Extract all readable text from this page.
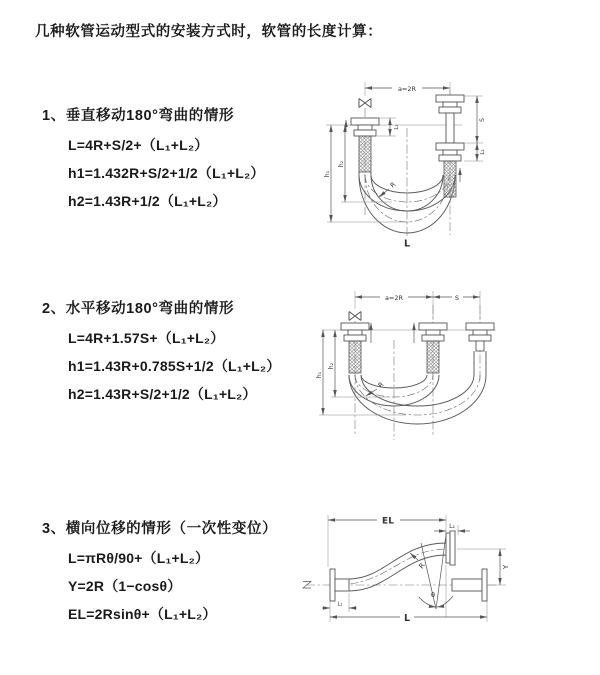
几种软管运动型式的安装方式时，软管的长度计算：
1、垂直移动180°弯曲的情形
L=4R+S/2+（L₁+L₂）
h1=1.432R+S/2+1/2（L₁+L₂）
h2=1.43R+1/2（L₁+L₂）
2、水平移动180°弯曲的情形
L=4R+1.57S+（L₁+L₂）
h1=1.43R+0.785S+1/2（L₁+L₂）
h2=1.43R+S/2+1/2（L₁+L₂）
3、横向位移的情形（一次性变位）
L=πRθ/90+（L₁+L₂）
Y=2R（1−cosθ）
EL=2Rsinθ+（L₁+L₂）
a=2R
L₁
S
L₂
h₁
h₂
R
L
a=2R	S
h₁
h₂
R
EL	L₂
Y
θ
R
L₁
L
